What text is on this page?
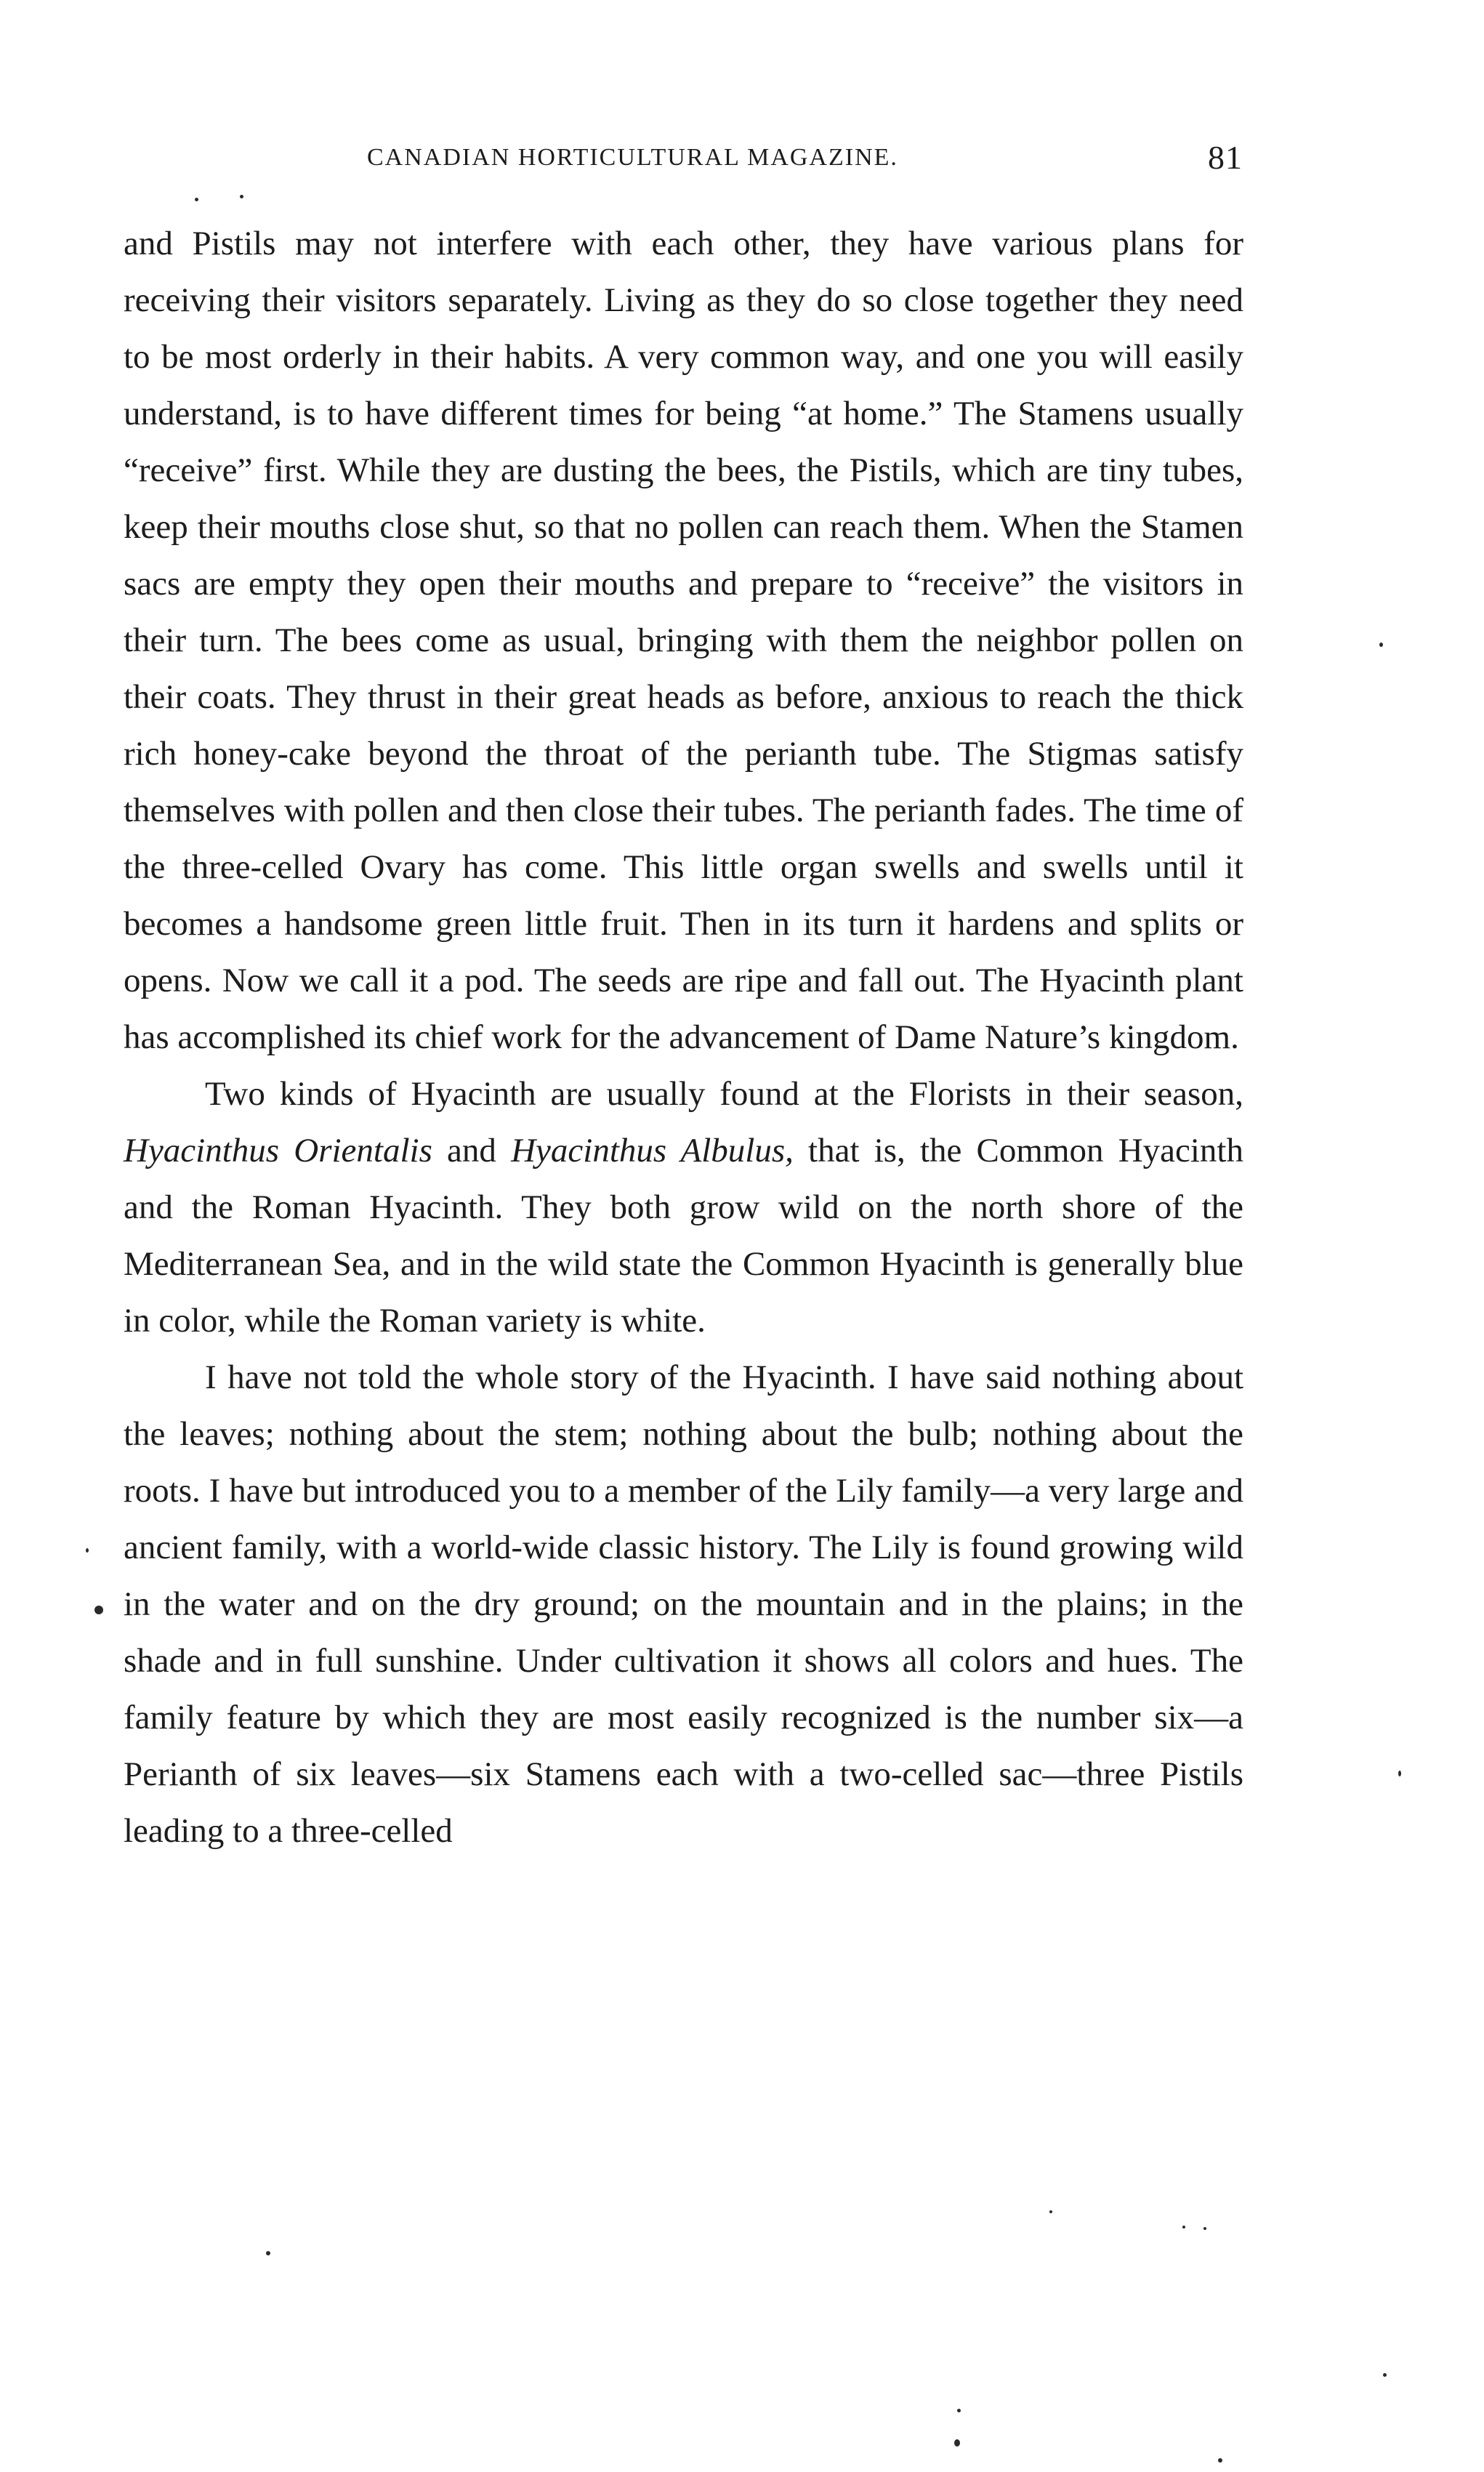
CANADIAN HORTICULTURAL MAGAZINE.	81

and Pistils may not interfere with each other, they have various plans for receiving their visitors separately. Living as they do so close together they need to be most orderly in their habits. A very common way, and one you will easily understand, is to have different times for being “at home.” The Stamens usually “receive” first. While they are dusting the bees, the Pistils, which are tiny tubes, keep their mouths close shut, so that no pollen can reach them. When the Stamen sacs are empty they open their mouths and prepare to “receive” the visitors in their turn. The bees come as usual, bringing with them the neighbor pollen on their coats. They thrust in their great heads as before, anxious to reach the thick rich honey-cake beyond the throat of the perianth tube. The Stigmas satisfy themselves with pollen and then close their tubes. The perianth fades. The time of the three-celled Ovary has come. This little organ swells and swells until it becomes a handsome green little fruit. Then in its turn it hardens and splits or opens. Now we call it a pod. The seeds are ripe and fall out. The Hyacinth plant has accomplished its chief work for the advancement of Dame Nature’s kingdom.

Two kinds of Hyacinth are usually found at the Florists in their season, Hyacinthus Orientalis and Hyacinthus Albulus, that is, the Common Hyacinth and the Roman Hyacinth. They both grow wild on the north shore of the Mediterranean Sea, and in the wild state the Common Hyacinth is generally blue in color, while the Roman variety is white.

I have not told the whole story of the Hyacinth. I have said nothing about the leaves; nothing about the stem; nothing about the bulb; nothing about the roots. I have but introduced you to a member of the Lily family—a very large and ancient family, with a world-wide classic history. The Lily is found growing wild in the water and on the dry ground; on the mountain and in the plains; in the shade and in full sunshine. Under cultivation it shows all colors and hues. The family feature by which they are most easily recognized is the number six—a Perianth of six leaves—six Stamens each with a two-celled sac—three Pistils leading to a three-celled
